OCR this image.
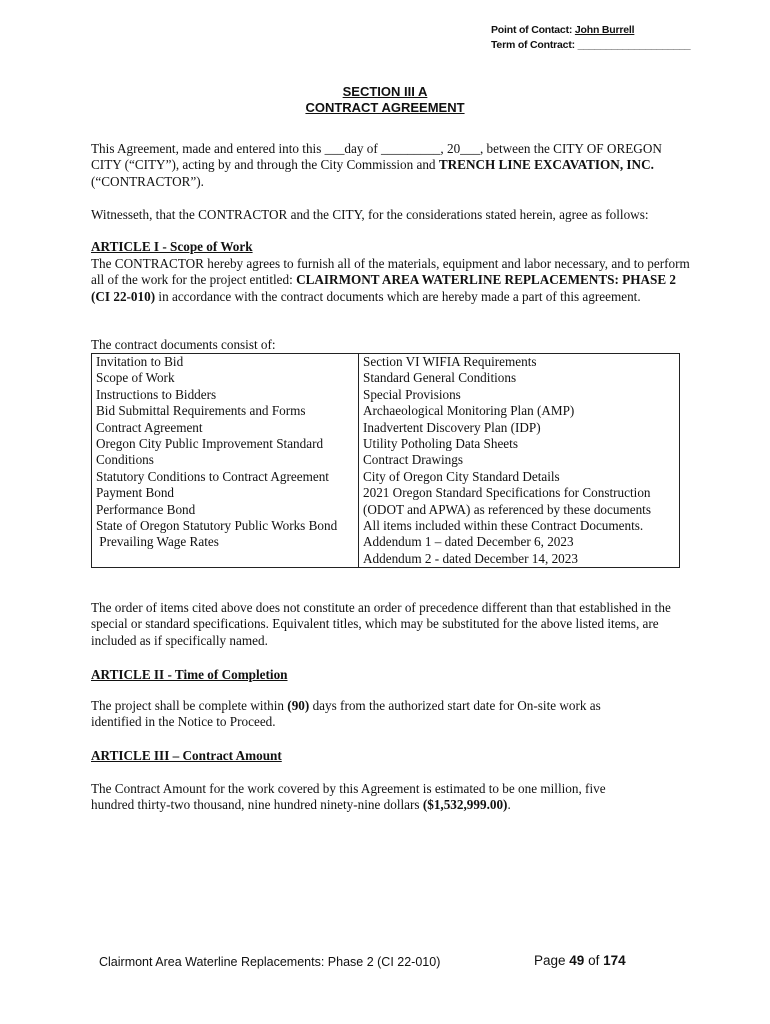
Point of Contact: John Burrell
Term of Contract: ____________________
SECTION III A
CONTRACT AGREEMENT
This Agreement, made and entered into this ___day of _________, 20___, between the CITY OF OREGON CITY (“CITY”), acting by and through the City Commission and TRENCH LINE EXCAVATION, INC. (“CONTRACTOR”).
Witnesseth, that the CONTRACTOR and the CITY, for the considerations stated herein, agree as follows:
ARTICLE I - Scope of Work
The CONTRACTOR hereby agrees to furnish all of the materials, equipment and labor necessary, and to perform all of the work for the project entitled: CLAIRMONT AREA WATERLINE REPLACEMENTS: PHASE 2 (CI 22-010) in accordance with the contract documents which are hereby made a part of this agreement.
The contract documents consist of:
Invitation to Bid
Scope of Work
Instructions to Bidders
Bid Submittal Requirements and Forms
Contract Agreement
Oregon City Public Improvement Standard
Conditions
Statutory Conditions to Contract Agreement
Payment Bond
Performance Bond
State of Oregon Statutory Public Works Bond
Prevailing Wage Rates

Section VI WIFIA Requirements
Standard General Conditions
Special Provisions
Archaeological Monitoring Plan (AMP)
Inadvertent Discovery Plan (IDP)
Utility Potholing Data Sheets
Contract Drawings
City of Oregon City Standard Details
2021 Oregon Standard Specifications for Construction
(ODOT and APWA) as referenced by these documents
All items included within these Contract Documents.
Addendum 1 – dated December 6, 2023
Addendum 2 - dated December 14, 2023
The order of items cited above does not constitute an order of precedence different than that established in the special or standard specifications. Equivalent titles, which may be substituted for the above listed items, are included as if specifically named.
ARTICLE II - Time of Completion
The project shall be complete within (90) days from the authorized start date for On-site work as identified in the Notice to Proceed.
ARTICLE III – Contract Amount
The Contract Amount for the work covered by this Agreement is estimated to be one million, five hundred thirty-two thousand, nine hundred ninety-nine dollars ($1,532,999.00).
Clairmont Area Waterline Replacements: Phase 2 (CI 22-010)	Page 49 of 174
